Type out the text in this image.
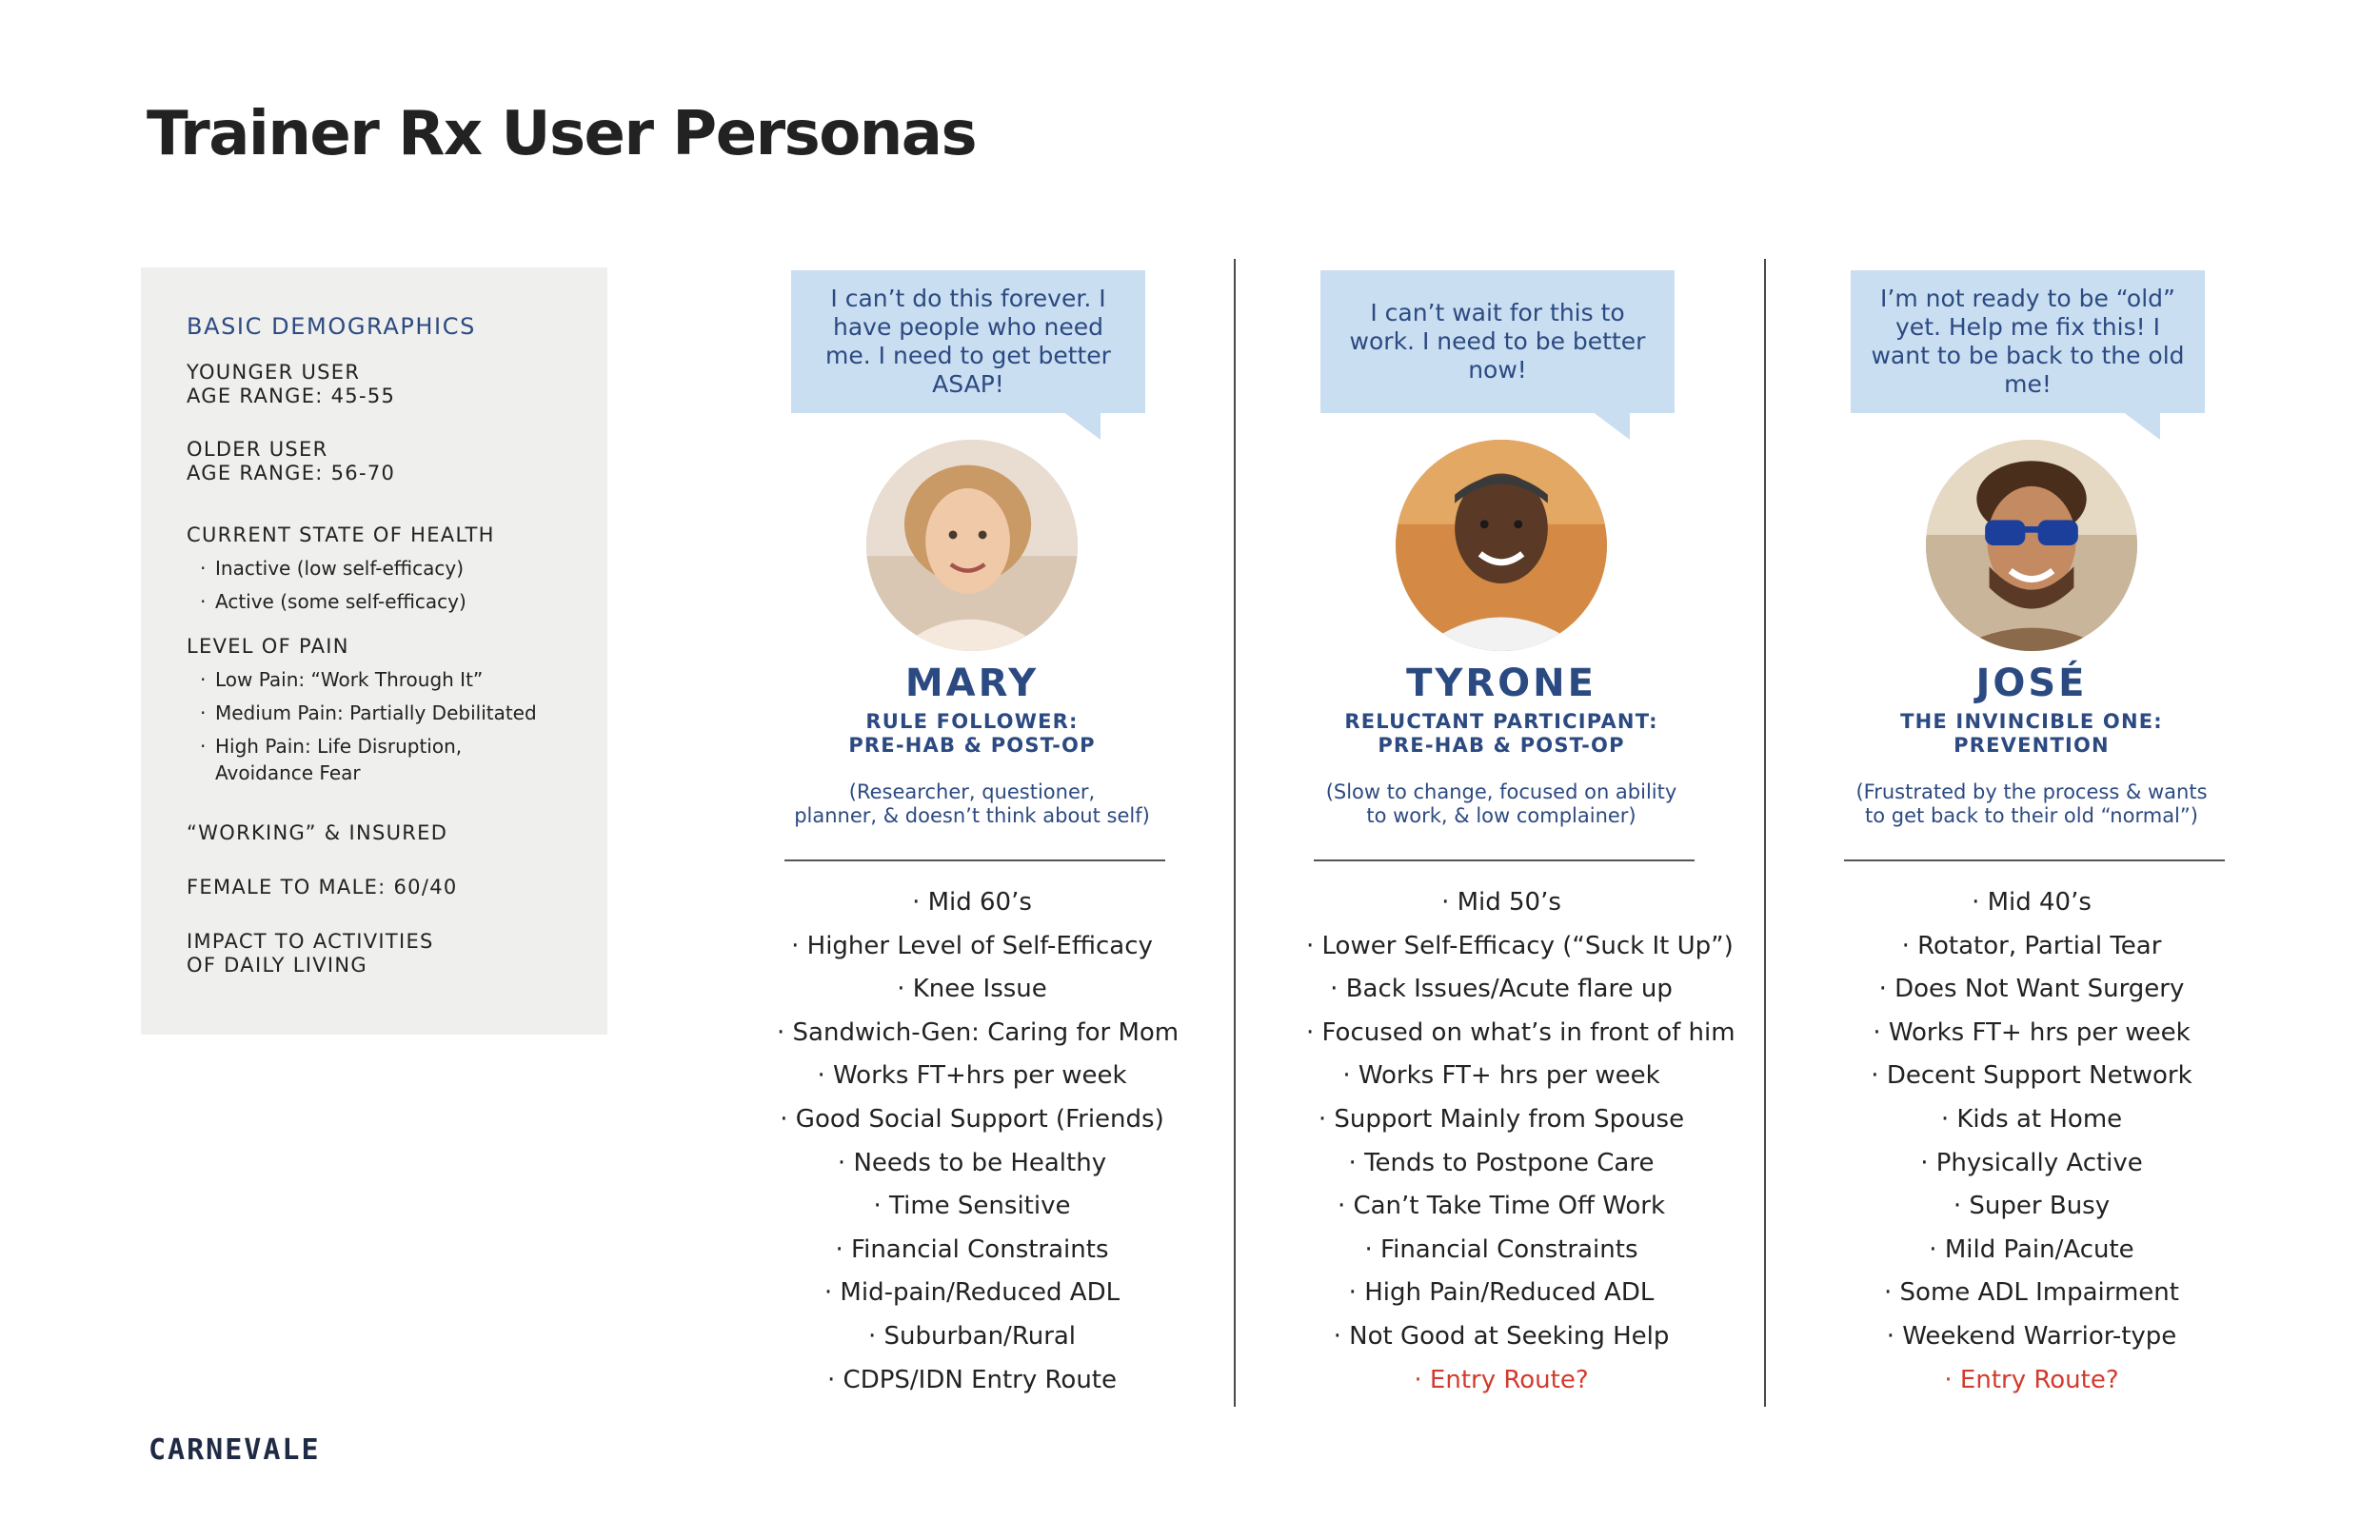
Trainer Rx User Personas
BASIC DEMOGRAPHICS
YOUNGER USER
AGE RANGE: 45-55
OLDER USER
AGE RANGE: 56-70
CURRENT STATE OF HEALTH
· Inactive (low self-efficacy)
· Active (some self-efficacy)
LEVEL OF PAIN
· Low Pain: “Work Through It”
· Medium Pain: Partially Debilitated
· High Pain: Life Disruption,
Avoidance Fear
“WORKING” & INSURED
FEMALE TO MALE: 60/40
IMPACT TO ACTIVITIES
OF DAILY LIVING
I can’t do this forever. I have people who need me. I need to get better ASAP!
MARY
RULE FOLLOWER:
PRE-HAB & POST-OP
(Researcher, questioner,
planner, & doesn’t think about self)
· Mid 60’s
· Higher Level of Self-Efficacy
· Knee Issue
· Sandwich-Gen: Caring for Mom
· Works FT+hrs per week
· Good Social Support (Friends)
· Needs to be Healthy
· Time Sensitive
· Financial Constraints
· Mid-pain/Reduced ADL
· Suburban/Rural
· CDPS/IDN Entry Route
I can’t wait for this to work. I need to be better now!
TYRONE
RELUCTANT PARTICIPANT:
PRE-HAB & POST-OP
(Slow to change, focused on ability
to work, & low complainer)
· Mid 50’s
· Lower Self-Efficacy (“Suck It Up”)
· Back Issues/Acute flare up
· Focused on what’s in front of him
· Works FT+ hrs per week
· Support Mainly from Spouse
· Tends to Postpone Care
· Can’t Take Time Off Work
· Financial Constraints
· High Pain/Reduced ADL
· Not Good at Seeking Help
· Entry Route?
I’m not ready to be “old” yet. Help me fix this! I want to be back to the old me!
JOSÉ
THE INVINCIBLE ONE:
PREVENTION
(Frustrated by the process & wants
to get back to their old “normal”)
· Mid 40’s
· Rotator, Partial Tear
· Does Not Want Surgery
· Works FT+ hrs per week
· Decent Support Network
· Kids at Home
· Physically Active
· Super Busy
· Mild Pain/Acute
· Some ADL Impairment
· Weekend Warrior-type
· Entry Route?
CARNEVALE
